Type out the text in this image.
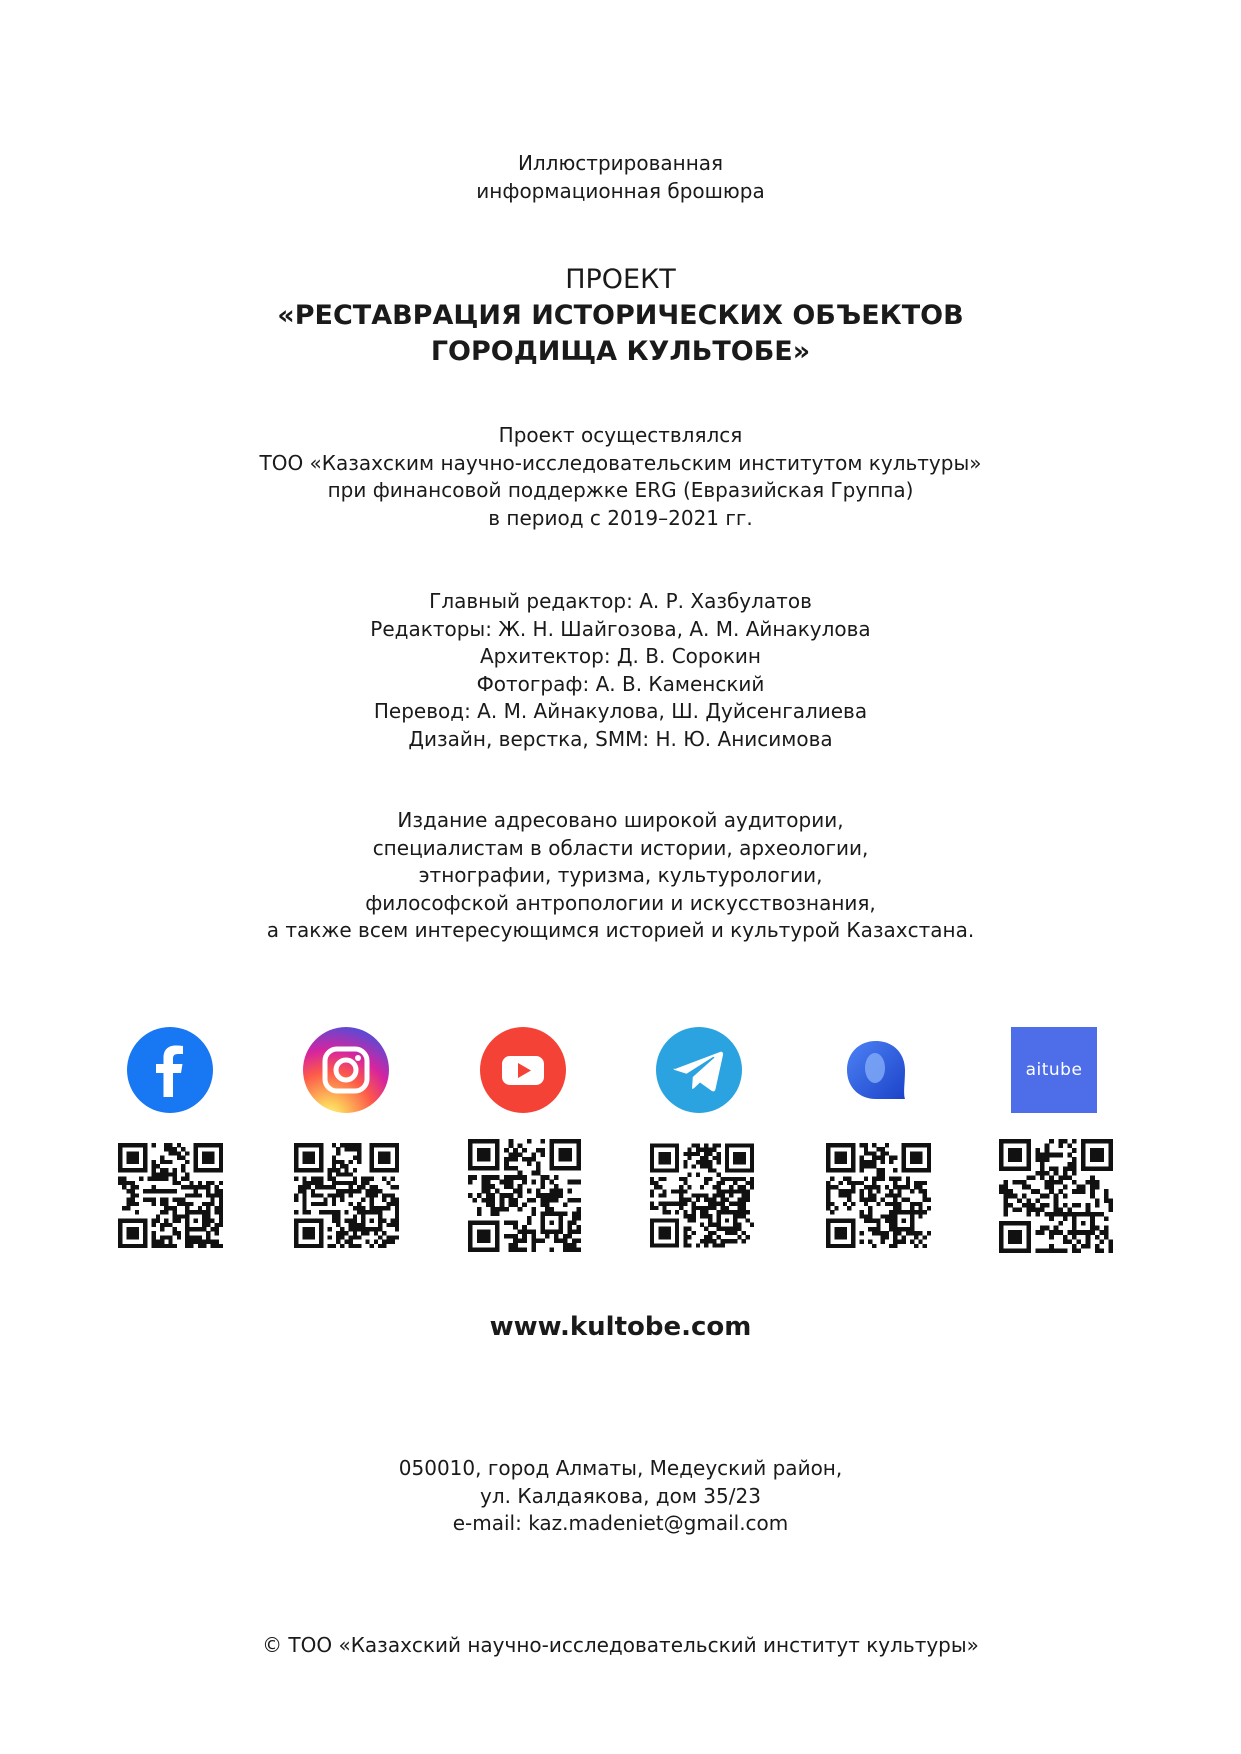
Иллюстрированная
информационная брошюра
ПРОЕКТ
«РЕСТАВРАЦИЯ ИСТОРИЧЕСКИХ ОБЪЕКТОВ
ГОРОДИЩА КУЛЬТОБЕ»
Проект осуществлялся
ТОО «Казахским научно-исследовательским институтом культуры»
при финансовой поддержке ERG (Евразийская Группа)
в период с 2019–2021 гг.
Главный редактор: А. Р. Хазбулатов
Редакторы: Ж. Н. Шайгозова, А. М. Айнакулова
Архитектор: Д. В. Сорокин
Фотограф: А. В. Каменский
Перевод: А. М. Айнакулова, Ш. Дуйсенгалиева
Дизайн, верстка, SMM: Н. Ю. Анисимова
Издание адресовано широкой аудитории,
специалистам в области истории, археологии,
этнографии, туризма, культурологии,
философской антропологии и искусствознания,
а также всем интересующимся историей и культурой Казахстана.
aitube
www.kultobe.com
050010, город Алматы, Медеуский район,
ул. Калдаякова, дом 35/23
e-mail: kaz.madeniet@gmail.com
© ТОО «Казахский научно-исследовательский институт культуры»
